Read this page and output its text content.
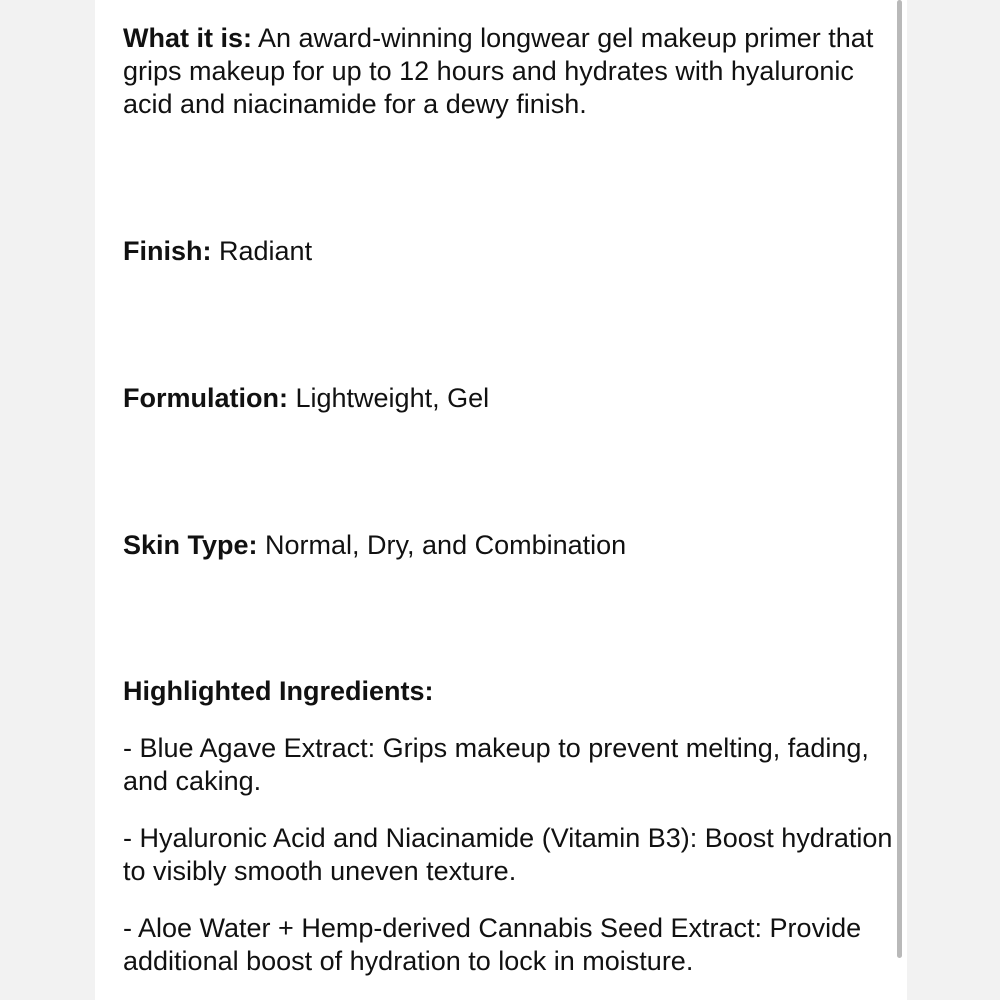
What it is: An award-winning longwear gel makeup primer that grips makeup for up to 12 hours and hydrates with hyaluronic acid and niacinamide for a dewy finish.

Finish: Radiant

Formulation: Lightweight, Gel

Skin Type: Normal, Dry, and Combination

Highlighted Ingredients:

- Blue Agave Extract: Grips makeup to prevent melting, fading, and caking.

- Hyaluronic Acid and Niacinamide (Vitamin B3): Boost hydration to visibly smooth uneven texture.

- Aloe Water + Hemp-derived Cannabis Seed Extract: Provide additional boost of hydration to lock in moisture.
